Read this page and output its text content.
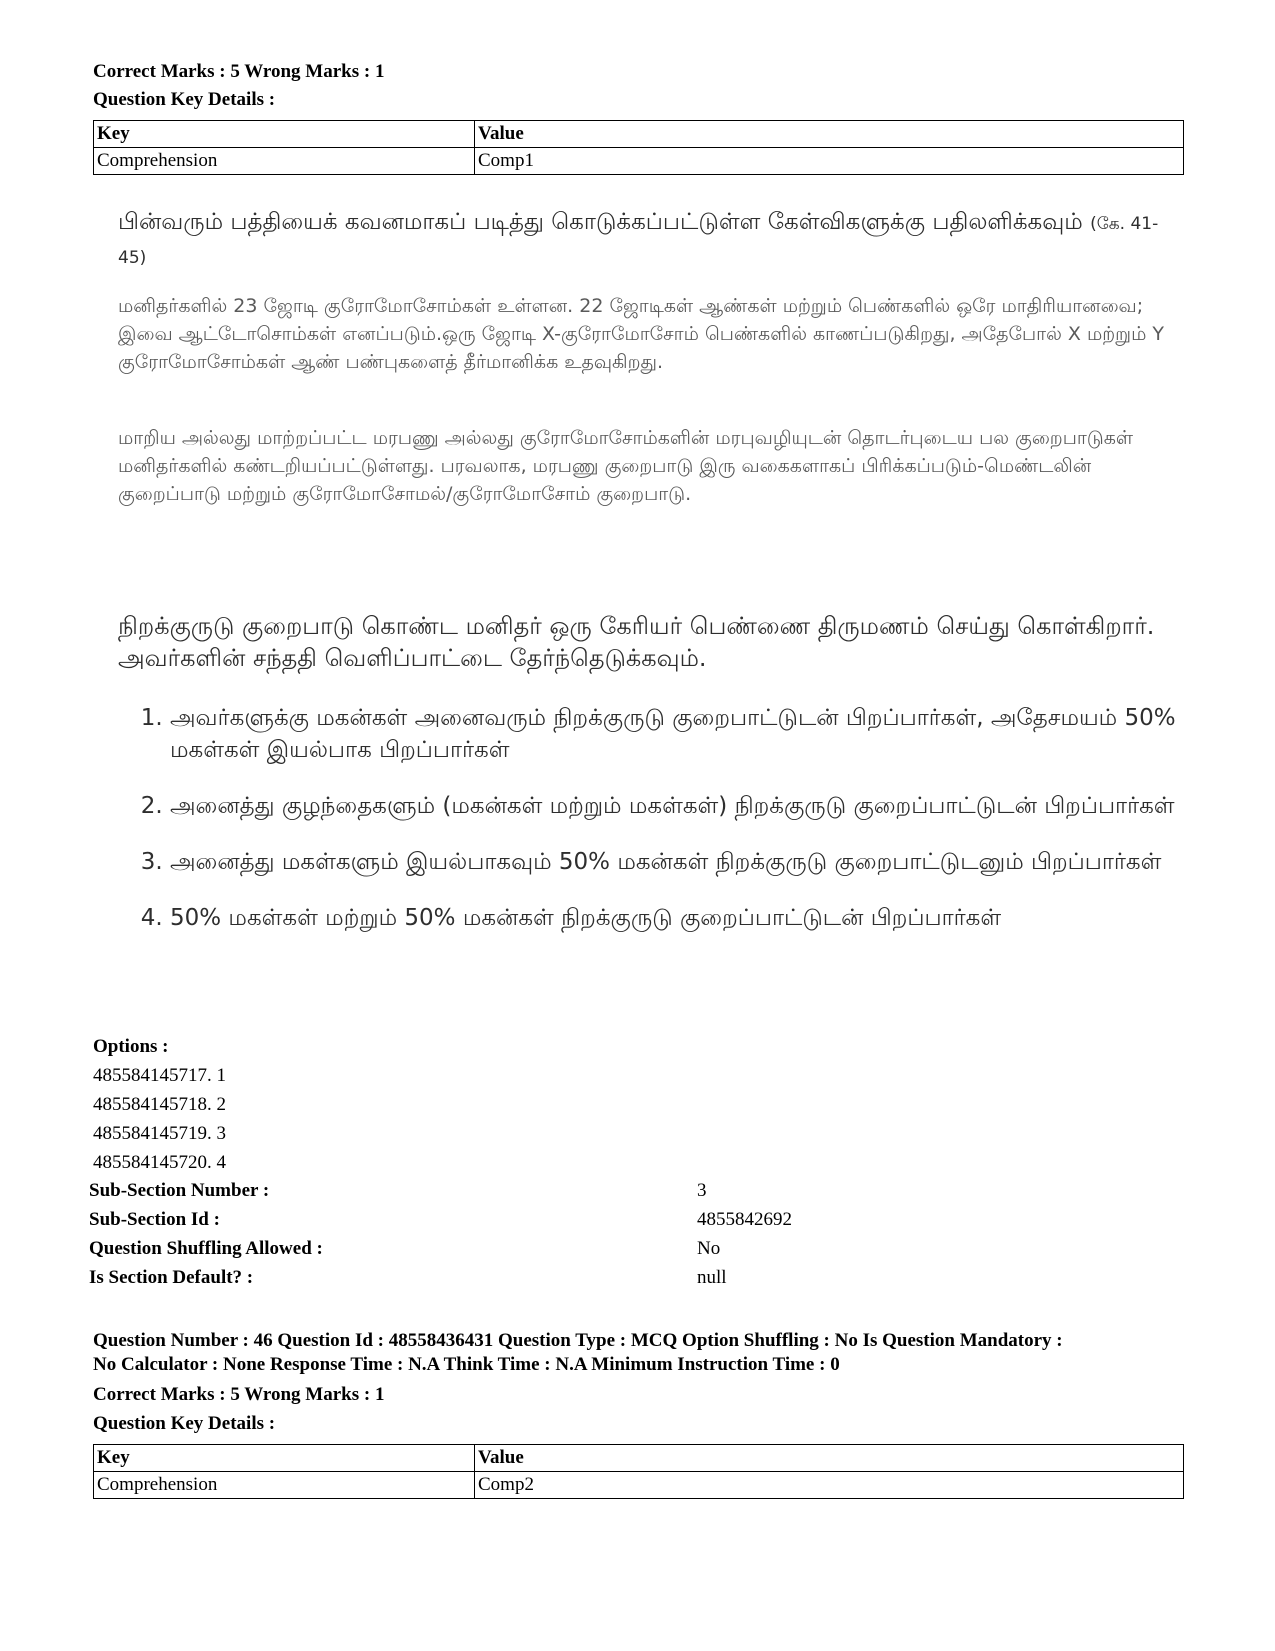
Correct Marks : 5 Wrong Marks : 1
Question Key Details :
Key	Value
Comprehension	Comp1
பின்வரும் பத்தியைக் கவனமாகப் படித்து கொடுக்கப்பட்டுள்ள கேள்விகளுக்கு பதிலளிக்கவும் (கே. 41-45)
மனிதர்களில் 23 ஜோடி குரோமோசோம்கள் உள்ளன. 22 ஜோடிகள் ஆண்கள் மற்றும் பெண்களில் ஒரே மாதிரியானவை; இவை ஆட்டோசொம்கள் எனப்படும்.ஒரு ஜோடி X-குரோமோசோம் பெண்களில் காணப்படுகிறது, அதேபோல் X மற்றும் Y குரோமோசோம்கள் ஆண் பண்புகளைத் தீர்மானிக்க உதவுகிறது.
மாறிய அல்லது மாற்றப்பட்ட மரபணு அல்லது குரோமோசோம்களின் மரபுவழியுடன் தொடர்புடைய பல குறைபாடுகள் மனிதர்களில் கண்டறியப்பட்டுள்ளது. பரவலாக, மரபணு குறைபாடு இரு வகைகளாகப் பிரிக்கப்படும்-மெண்டலின் குறைப்பாடு மற்றும் குரோமோசோமல்/குரோமோசோம் குறைபாடு.
நிறக்குருடு குறைபாடு கொண்ட மனிதர் ஒரு கேரியர் பெண்ணை திருமணம் செய்து கொள்கிறார். அவர்களின் சந்ததி வெளிப்பாட்டை தேர்ந்தெடுக்கவும்.
1. அவர்களுக்கு மகன்கள் அனைவரும் நிறக்குருடு குறைபாட்டுடன் பிறப்பார்கள், அதேசமயம் 50% மகள்கள் இயல்பாக பிறப்பார்கள்
2. அனைத்து குழந்தைகளும் (மகன்கள் மற்றும் மகள்கள்) நிறக்குருடு குறைப்பாட்டுடன் பிறப்பார்கள்
3. அனைத்து மகள்களும் இயல்பாகவும் 50% மகன்கள் நிறக்குருடு குறைபாட்டுடனும் பிறப்பார்கள்
4. 50% மகள்கள் மற்றும் 50% மகன்கள் நிறக்குருடு குறைப்பாட்டுடன் பிறப்பார்கள்
Options :
485584145717. 1
485584145718. 2
485584145719. 3
485584145720. 4
Sub-Section Number :	3
Sub-Section Id :	4855842692
Question Shuffling Allowed :	No
Is Section Default? :	null
Question Number : 46 Question Id : 48558436431 Question Type : MCQ Option Shuffling : No Is Question Mandatory :
No Calculator : None Response Time : N.A Think Time : N.A Minimum Instruction Time : 0
Correct Marks : 5 Wrong Marks : 1
Question Key Details :
Key	Value
Comprehension	Comp2
